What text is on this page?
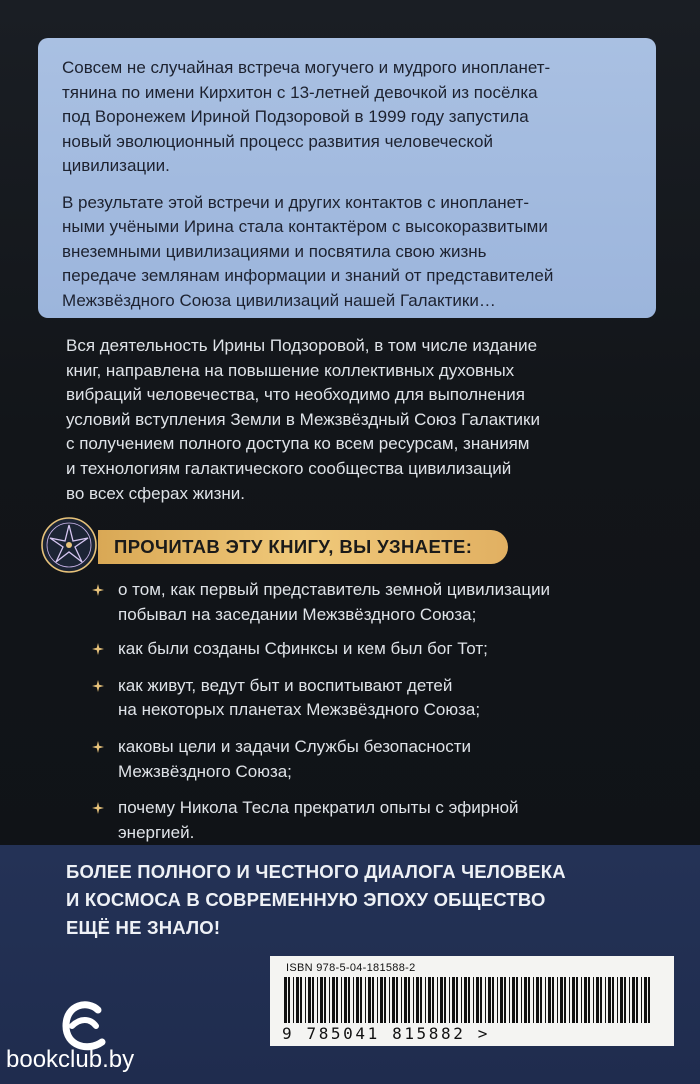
Совсем не случайная встреча могучего и мудрого инопланет-
тянина по имени Кирхитон с 13-летней девочкой из посёлка
под Воронежем Ириной Подзоровой в 1999 году запустила
новый эволюционный процесс развития человеческой
цивилизации.

В результате этой встречи и других контактов с инопланет-
ными учёными Ирина стала контактёром с высокоразвитыми
внеземными цивилизациями и посвятила свою жизнь
передаче землянам информации и знаний от представителей
Межзвёздного Союза цивилизаций нашей Галактики…

Вся деятельность Ирины Подзоровой, в том числе издание
книг, направлена на повышение коллективных духовных
вибраций человечества, что необходимо для выполнения
условий вступления Земли в Межзвёздный Союз Галактики
с получением полного доступа ко всем ресурсам, знаниям
и технологиям галактического сообщества цивилизаций
во всех сферах жизни.

ПРОЧИТАВ ЭТУ КНИГУ, ВЫ УЗНАЕТЕ:
о том, как первый представитель земной цивилизации
побывал на заседании Межзвёздного Союза;
как были созданы Сфинксы и кем был бог Тот;
как живут, ведут быт и воспитывают детей
на некоторых планетах Межзвёздного Союза;
каковы цели и задачи Службы безопасности
Межзвёздного Союза;
почему Никола Тесла прекратил опыты с эфирной
энергией.
БОЛЕЕ ПОЛНОГО И ЧЕСТНОГО ДИАЛОГА ЧЕЛОВЕКА
И КОСМОСА В СОВРЕМЕННУЮ ЭПОХУ ОБЩЕСТВО
ЕЩЁ НЕ ЗНАЛО!
ISBN 978-5-04-181588-2
9 785041 815882 >
bookclub.by
